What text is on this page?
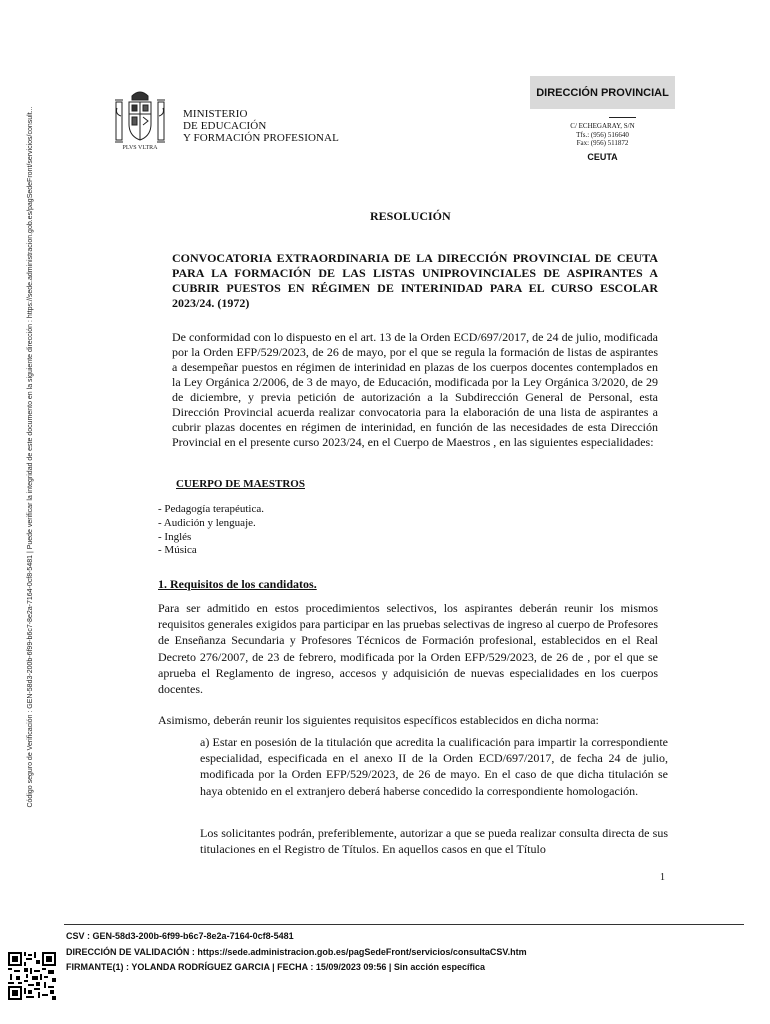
Código seguro de Verificación : GEN-58d3-200b-6f99-b6c7-8e2a-7164-0cf8-5481 | Puede verificar la integridad de este documento en la siguiente dirección : https://sede.administracion.gob.es/pagSedeFront/servicios/consult...	PLVS VLTRA
MINISTERIO
DE EDUCACIÓN
Y FORMACIÓN PROFESIONAL
DIRECCIÓN PROVINCIAL
C/ ECHEGARAY, S/N
Tfs.: (956) 516640
Fax: (956) 511872
CEUTA
RESOLUCIÓN
CONVOCATORIA EXTRAORDINARIA DE LA DIRECCIÓN PROVINCIAL DE CEUTA PARA LA FORMACIÓN DE LAS LISTAS UNIPROVINCIALES DE ASPIRANTES A CUBRIR PUESTOS EN RÉGIMEN DE INTERINIDAD PARA EL CURSO ESCOLAR 2023/24. (1972)

De conformidad con lo dispuesto en el art. 13 de la Orden ECD/697/2017, de 24 de julio, modificada por la Orden EFP/529/2023, de 26 de mayo, por el que se regula la formación de listas de aspirantes a desempeñar puestos en régimen de interinidad en plazas de los cuerpos docentes contemplados en la Ley Orgánica 2/2006, de 3 de mayo, de Educación, modificada por la Ley Orgánica 3/2020, de 29 de diciembre, y previa petición de autorización a la Subdirección General de Personal, esta Dirección Provincial acuerda realizar convocatoria para la elaboración de una lista de aspirantes a cubrir plazas docentes en régimen de interinidad, en función de las necesidades de esta Dirección Provincial en el presente curso 2023/24, en el Cuerpo de Maestros , en las siguientes especialidades:

CUERPO DE MAESTROS
- Pedagogía terapéutica.
- Audición y lenguaje.
- Inglés
- Música
1. Requisitos de los candidatos.

Para ser admitido en estos procedimientos selectivos, los aspirantes deberán reunir los mismos requisitos generales exigidos para participar en las pruebas selectivas de ingreso al cuerpo de Profesores de Enseñanza Secundaria y Profesores Técnicos de Formación profesional, establecidos en el Real Decreto 276/2007, de 23 de febrero, modificada por la Orden EFP/529/2023, de 26 de , por el que se aprueba el Reglamento de ingreso, accesos y adquisición de nuevas especialidades en los cuerpos docentes.

Asimismo, deberán reunir los siguientes requisitos específicos establecidos en dicha norma:

a) Estar en posesión de la titulación que acredita la cualificación para impartir la correspondiente especialidad, especificada en el anexo II de la Orden ECD/697/2017, de fecha 24 de julio, modificada por la Orden EFP/529/2023, de 26 de mayo. En el caso de que dicha titulación se haya obtenido en el extranjero deberá haberse concedido la correspondiente homologación.

Los solicitantes podrán, preferiblemente, autorizar a que se pueda realizar consulta directa de sus titulaciones en el Registro de Títulos. En aquellos casos en que el Título

1
CSV : GEN-58d3-200b-6f99-b6c7-8e2a-7164-0cf8-5481
DIRECCIÓN DE VALIDACIÓN : https://sede.administracion.gob.es/pagSedeFront/servicios/consultaCSV.htm
FIRMANTE(1) : YOLANDA RODRÍGUEZ GARCIA | FECHA : 15/09/2023 09:56 | Sin acción específica
